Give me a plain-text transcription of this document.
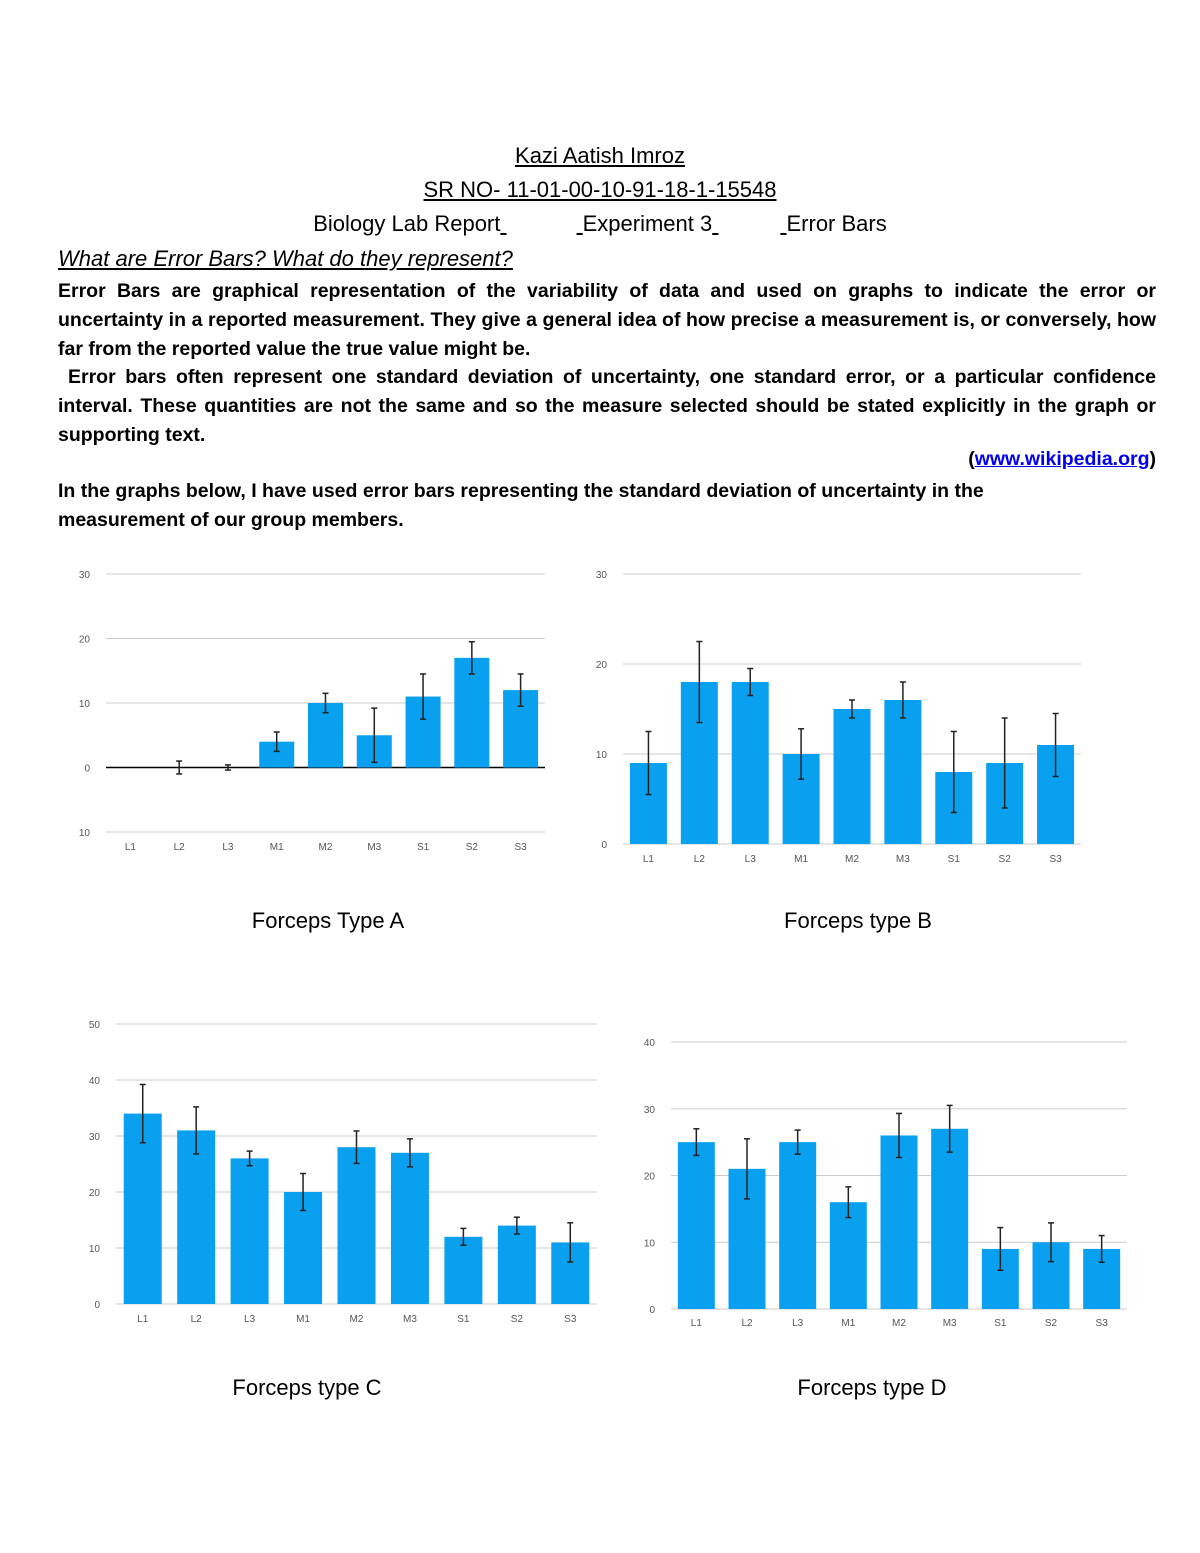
Kazi Aatish Imroz
SR NO- 11-01-00-10-91-18-1-15548
Biology Lab Report	Experiment 3	Error Bars
What are Error Bars? What do they represent?
Error Bars are graphical representation of the variability of data and used on graphs to indicate the error or uncertainty in a reported measurement. They give a general idea of how precise a measurement is, or conversely, how far from the reported value the true value might be.
Error bars often represent one standard deviation of uncertainty, one standard error, or a particular confidence interval. These quantities are not the same and so the measure selected should be stated explicitly in the graph or supporting text.
(www.wikipedia.org)
In the graphs below, I have used error bars representing the standard deviation of uncertainty in the measurement of our group members.
30
20
10
0
10
L1	L2	L3	M1	M2	M3	S1	S2	S3
30
20
10
0
L1	L2	L3	M1	M2	M3	S1	S2	S3
50
40
30
20
10
0
L1	L2	L3	M1	M2	M3	S1	S2	S3
40
30
20
10
0
L1	L2	L3	M1	M2	M3	S1	S2	S3
Forceps Type A	Forceps type B
Forceps type C	Forceps type D
